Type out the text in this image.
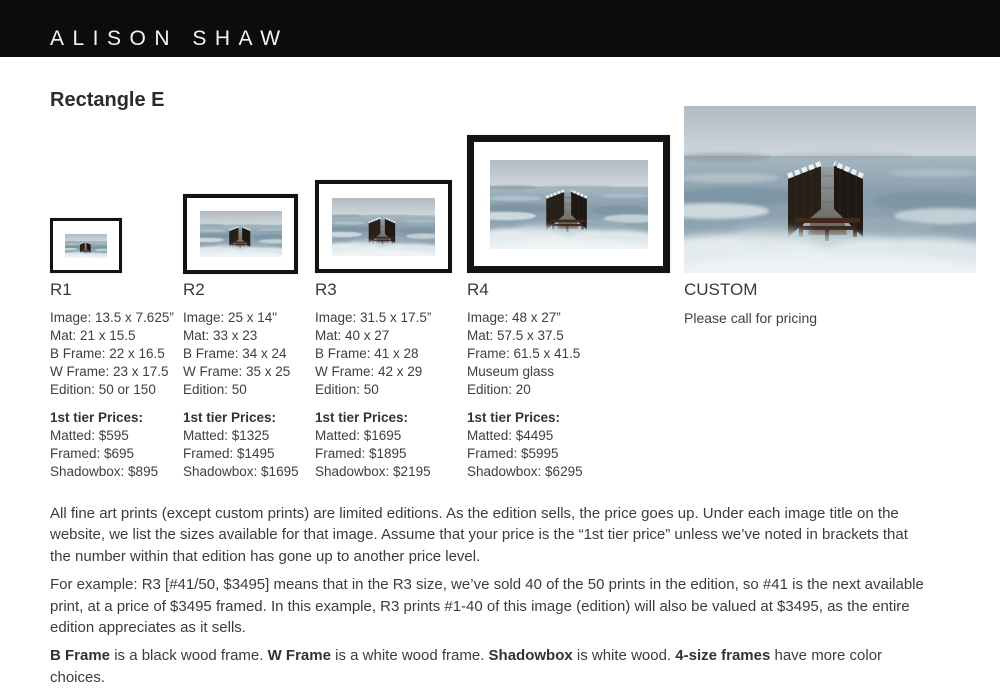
ALISON SHAW
Rectangle E
R1
Image: 13.5 x 7.625”
Mat: 21 x 15.5
B Frame: 22 x 16.5
W Frame: 23 x 17.5
Edition: 50 or 150
1st tier Prices:
Matted: $595
Framed: $695
Shadowbox: $895
R2
Image: 25 x 14"
Mat: 33 x 23
B Frame: 34 x 24
W Frame: 35 x 25
Edition: 50
1st tier Prices:
Matted: $1325
Framed: $1495
Shadowbox: $1695
R3
Image: 31.5 x 17.5”
Mat: 40 x 27
B Frame: 41 x 28
W Frame: 42 x 29
Edition: 50
1st tier Prices:
Matted: $1695
Framed: $1895
Shadowbox: $2195
R4
Image: 48 x 27”
Mat: 57.5 x 37.5
Frame: 61.5 x 41.5
Museum glass
Edition: 20
1st tier Prices:
Matted: $4495
Framed: $5995
Shadowbox: $6295
CUSTOM
Please call for pricing

All fine art prints (except custom prints) are limited editions. As the edition sells, the price goes up. Under each image title on the website, we list the sizes available for that image. Assume that your price is the “1st tier price” unless we’ve noted in brackets that the number within that edition has gone up to another price level.

For example: R3 [#41/50, $3495] means that in the R3 size, we’ve sold 40 of the 50 prints in the edition, so #41 is the next available print, at a price of $3495 framed. In this example, R3 prints #1-40 of this image (edition) will also be valued at $3495, as the entire edition appreciates as it sells.

B Frame is a black wood frame. W Frame is a white wood frame. Shadowbox is white wood. 4-size frames have more color choices.
